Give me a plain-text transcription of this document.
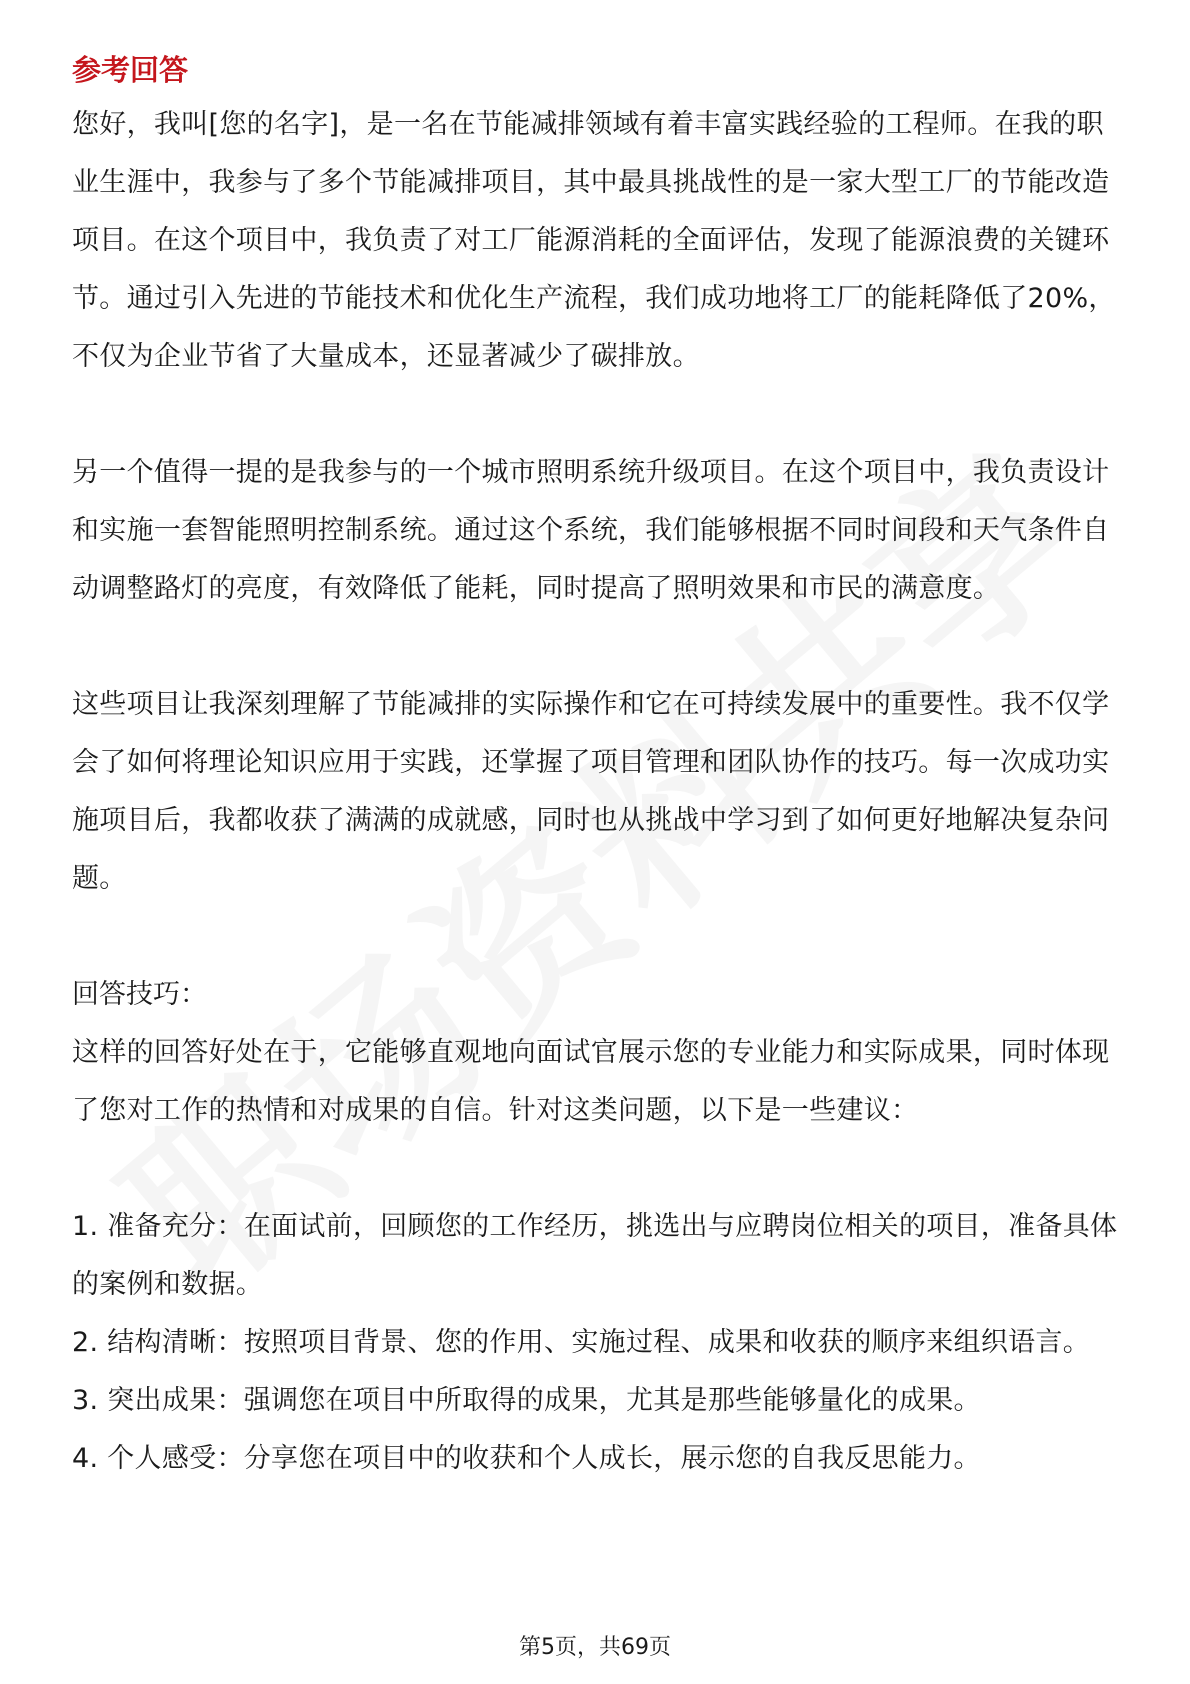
参考回答

您好，我叫[您的名字]，是一名在节能减排领域有着丰富实践经验的工程师。在我的职业生涯中，我参与了多个节能减排项目，其中最具挑战性的是一家大型工厂的节能改造项目。在这个项目中，我负责了对工厂能源消耗的全面评估，发现了能源浪费的关键环节。通过引入先进的节能技术和优化生产流程，我们成功地将工厂的能耗降低了20%，不仅为企业节省了大量成本，还显著减少了碳排放。

另一个值得一提的是我参与的一个城市照明系统升级项目。在这个项目中，我负责设计和实施一套智能照明控制系统。通过这个系统，我们能够根据不同时间段和天气条件自动调整路灯的亮度，有效降低了能耗，同时提高了照明效果和市民的满意度。

这些项目让我深刻理解了节能减排的实际操作和它在可持续发展中的重要性。我不仅学会了如何将理论知识应用于实践，还掌握了项目管理和团队协作的技巧。每一次成功实施项目后，我都收获了满满的成就感，同时也从挑战中学习到了如何更好地解决复杂问题。

回答技巧：

这样的回答好处在于，它能够直观地向面试官展示您的专业能力和实际成果，同时体现了您对工作的热情和对成果的自信。针对这类问题，以下是一些建议：

1. 准备充分：在面试前，回顾您的工作经历，挑选出与应聘岗位相关的项目，准备具体的案例和数据。

2. 结构清晰：按照项目背景、您的作用、实施过程、成果和收获的顺序来组织语言。

3. 突出成果：强调您在项目中所取得的成果，尤其是那些能够量化的成果。

4. 个人感受：分享您在项目中的收获和个人成长，展示您的自我反思能力。

第5页，共69页
